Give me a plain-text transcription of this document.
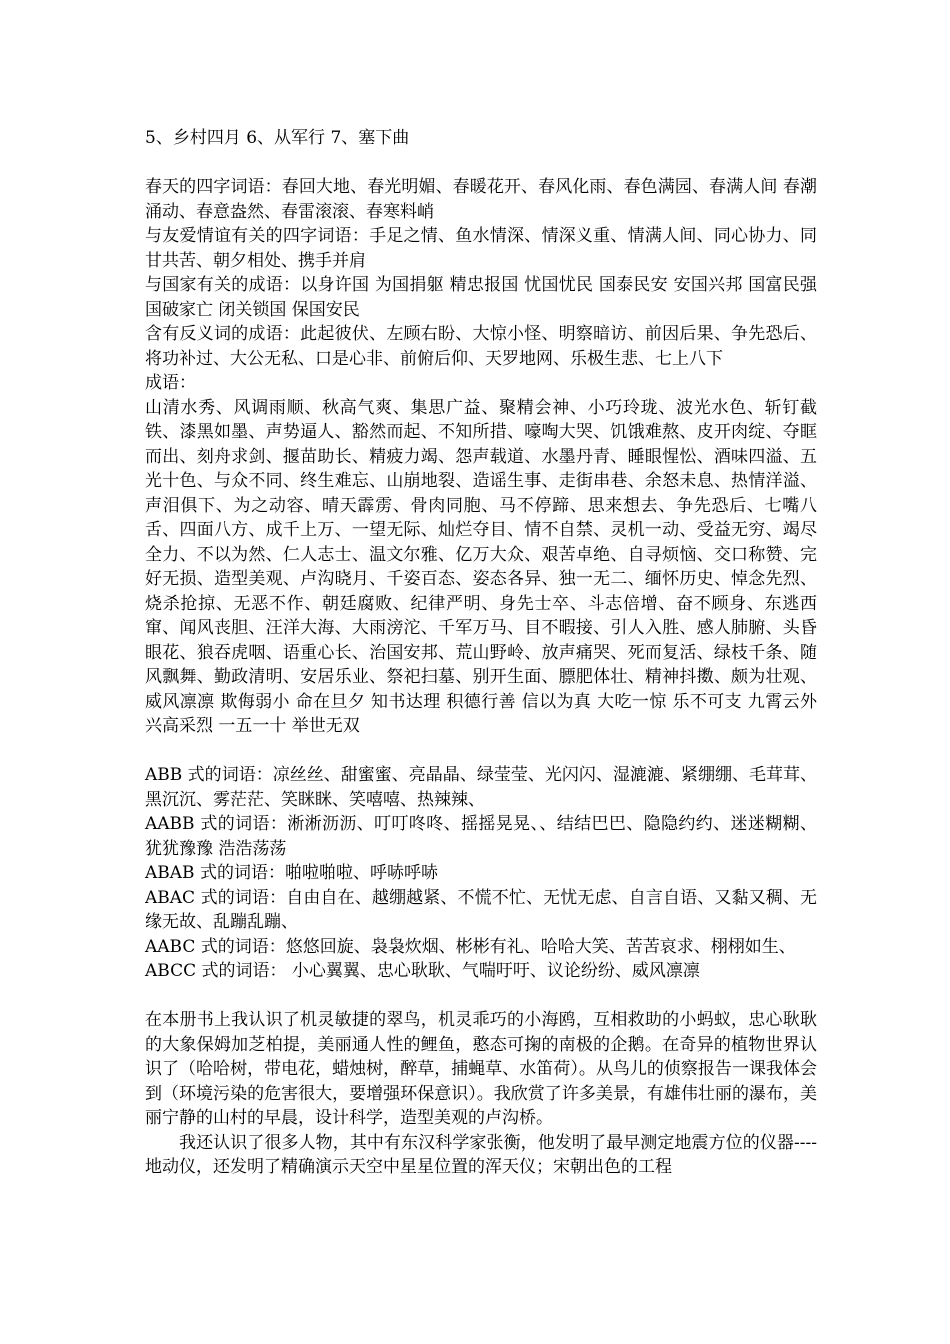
5、乡村四月 6、从军行 7、塞下曲

春天的四字词语：春回大地、春光明媚、春暖花开、春风化雨、春色满园、春满人间 春潮涌动、春意盎然、春雷滚滚、春寒料峭

与友爱情谊有关的四字词语：手足之情、鱼水情深、情深义重、情满人间、同心协力、同甘共苦、朝夕相处、携手并肩

与国家有关的成语：以身许国 为国捐躯 精忠报国 忧国忧民 国泰民安 安国兴邦 国富民强 国破家亡 闭关锁国 保国安民

含有反义词的成语：此起彼伏、左顾右盼、大惊小怪、明察暗访、前因后果、争先恐后、将功补过、大公无私、口是心非、前俯后仰、天罗地网、乐极生悲、七上八下

成语：

山清水秀、风调雨顺、秋高气爽、集思广益、聚精会神、小巧玲珑、波光水色、斩钉截铁、漆黑如墨、声势逼人、豁然而起、不知所措、嚎啕大哭、饥饿难熬、皮开肉绽、夺眶而出、刻舟求剑、揠苗助长、精疲力竭、怨声载道、水墨丹青、睡眼惺忪、酒味四溢、五光十色、与众不同、终生难忘、山崩地裂、造谣生事、走街串巷、余怒未息、热情洋溢、声泪俱下、为之动容、晴天霹雳、骨肉同胞、马不停蹄、思来想去、争先恐后、七嘴八舌、四面八方、成千上万、一望无际、灿烂夺目、情不自禁、灵机一动、受益无穷、竭尽全力、不以为然、仁人志士、温文尔雅、亿万大众、艰苦卓绝、自寻烦恼、交口称赞、完好无损、造型美观、卢沟晓月、千姿百态、姿态各异、独一无二、缅怀历史、悼念先烈、烧杀抢掠、无恶不作、朝廷腐败、纪律严明、身先士卒、斗志倍增、奋不顾身、东逃西窜、闻风丧胆、汪洋大海、大雨滂沱、千军万马、目不暇接、引人入胜、感人肺腑、头昏眼花、狼吞虎咽、语重心长、治国安邦、荒山野岭、放声痛哭、死而复活、绿枝千条、随风飘舞、勤政清明、安居乐业、祭祀扫墓、别开生面、膘肥体壮、精神抖擞、颇为壮观、威风凛凛 欺侮弱小 命在旦夕 知书达理 积德行善 信以为真 大吃一惊 乐不可支 九霄云外 兴高采烈 一五一十 举世无双

ABB 式的词语：凉丝丝、甜蜜蜜、亮晶晶、绿莹莹、光闪闪、湿漉漉、紧绷绷、毛茸茸、黑沉沉、雾茫茫、笑眯眯、笑嘻嘻、热辣辣、

AABB 式的词语：淅淅沥沥、叮叮咚咚、摇摇晃晃、、结结巴巴、隐隐约约、迷迷糊糊、犹犹豫豫 浩浩荡荡

ABAB 式的词语：啪啦啪啦、呼哧呼哧

ABAC 式的词语：自由自在、越绷越紧、不慌不忙、无忧无虑、自言自语、又黏又稠、无缘无故、乱蹦乱蹦、

AABC 式的词语：悠悠回旋、袅袅炊烟、彬彬有礼、哈哈大笑、苦苦哀求、栩栩如生、

ABCC 式的词语： 小心翼翼、忠心耿耿、气喘吁吁、议论纷纷、威风凛凛

在本册书上我认识了机灵敏捷的翠鸟，机灵乖巧的小海鸥，互相救助的小蚂蚁，忠心耿耿的大象保姆加芝柏提，美丽通人性的鲤鱼，憨态可掬的南极的企鹅。在奇异的植物世界认识了（哈哈树，带电花，蜡烛树，醉草，捕蝇草、水笛荷）。从鸟儿的侦察报告一课我体会到（环境污染的危害很大，要增强环保意识）。我欣赏了许多美景，有雄伟壮丽的瀑布，美丽宁静的山村的早晨，设计科学，造型美观的卢沟桥。

我还认识了很多人物，其中有东汉科学家张衡，他发明了最早测定地震方位的仪器----地动仪，还发明了精确演示天空中星星位置的浑天仪；宋朝出色的工程
